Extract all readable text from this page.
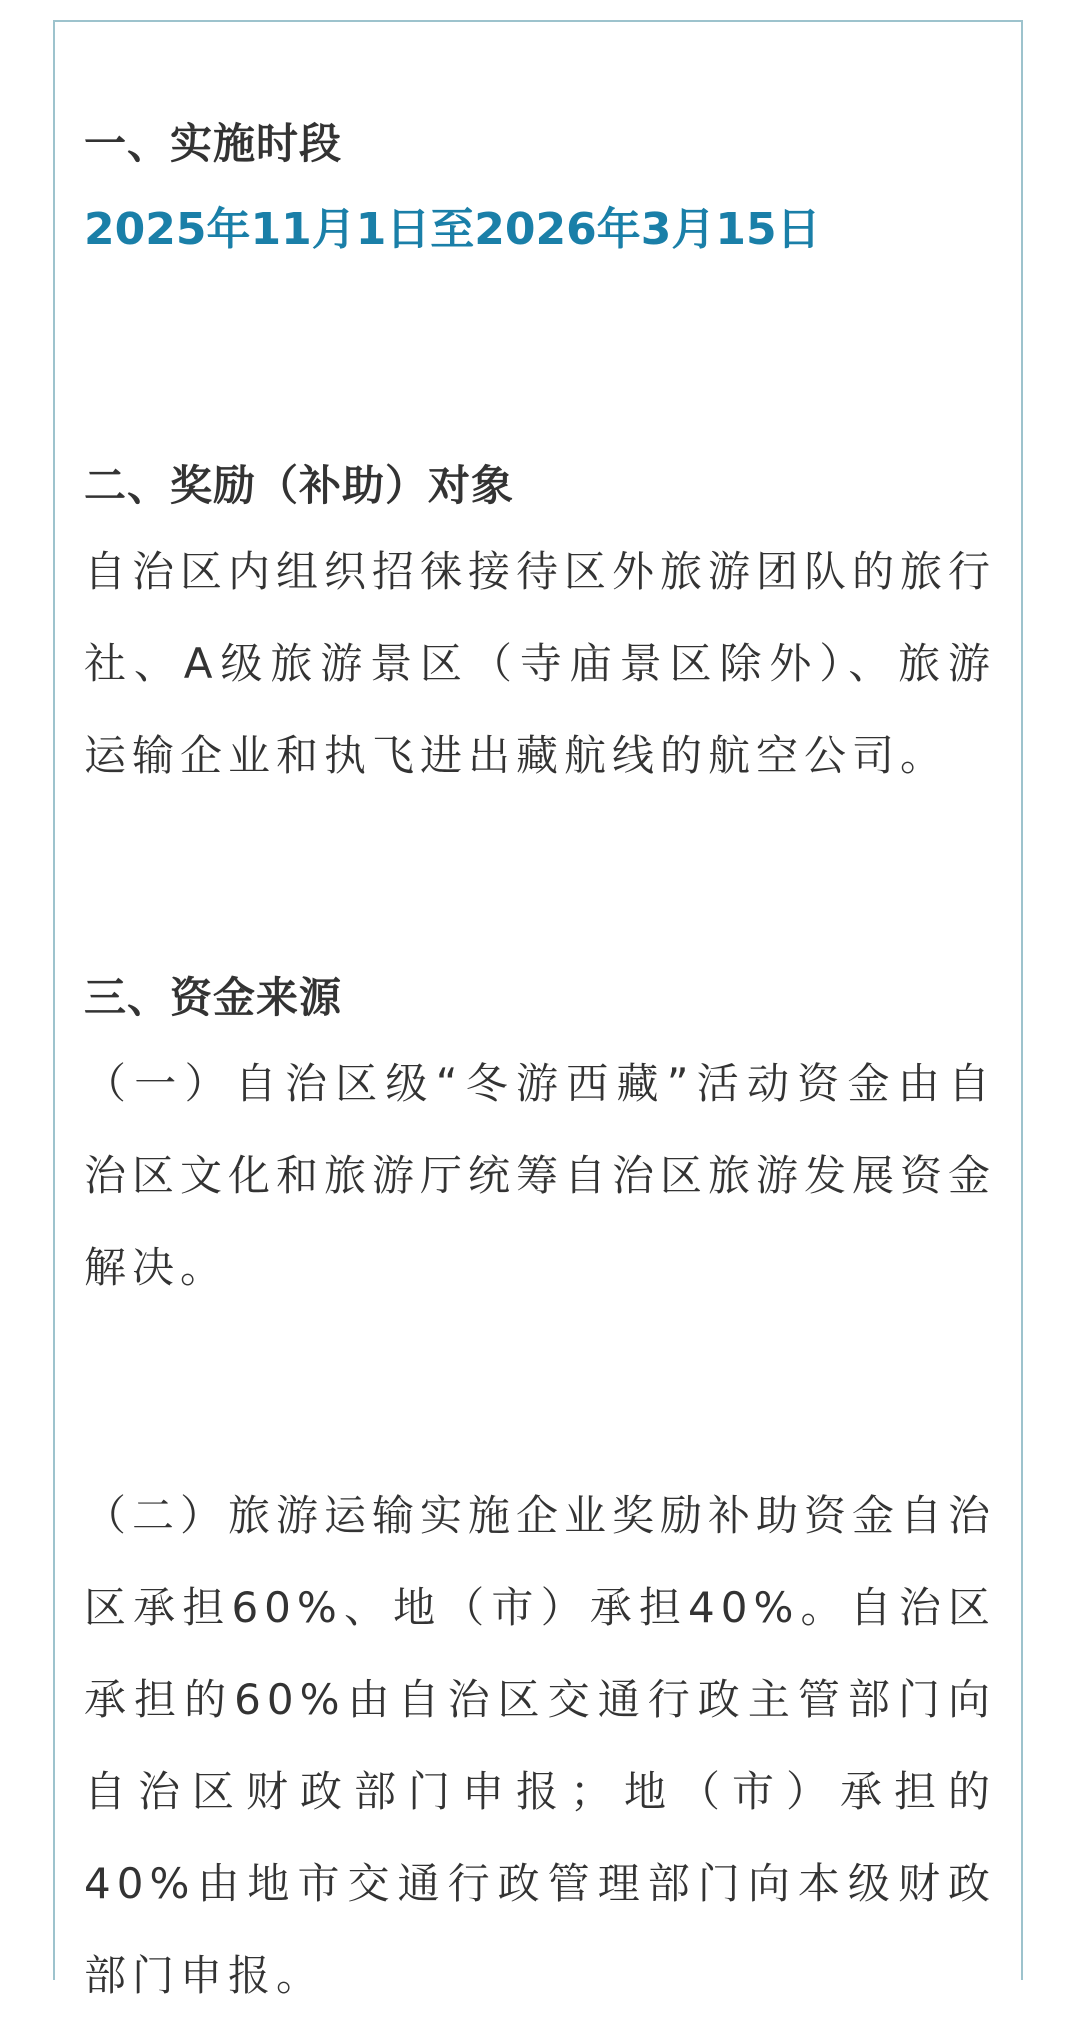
一、实施时段
2025年11月1日至2026年3月15日
二、奖励（补助）对象

自治区内组织招徕接待区外旅游团队的旅行社、A级旅游景区（寺庙景区除外）、旅游运输企业和执飞进出藏航线的航空公司。

三、资金来源

（一）自治区级“冬游西藏”活动资金由自治区文化和旅游厅统筹自治区旅游发展资金解决。

（二）旅游运输实施企业奖励补助资金自治区承担60%、地（市）承担40%。自治区承担的60%由自治区交通行政主管部门向自治区财政部门申报；地（市）承担的40%由地市交通行政管理部门向本级财政部门申报。
